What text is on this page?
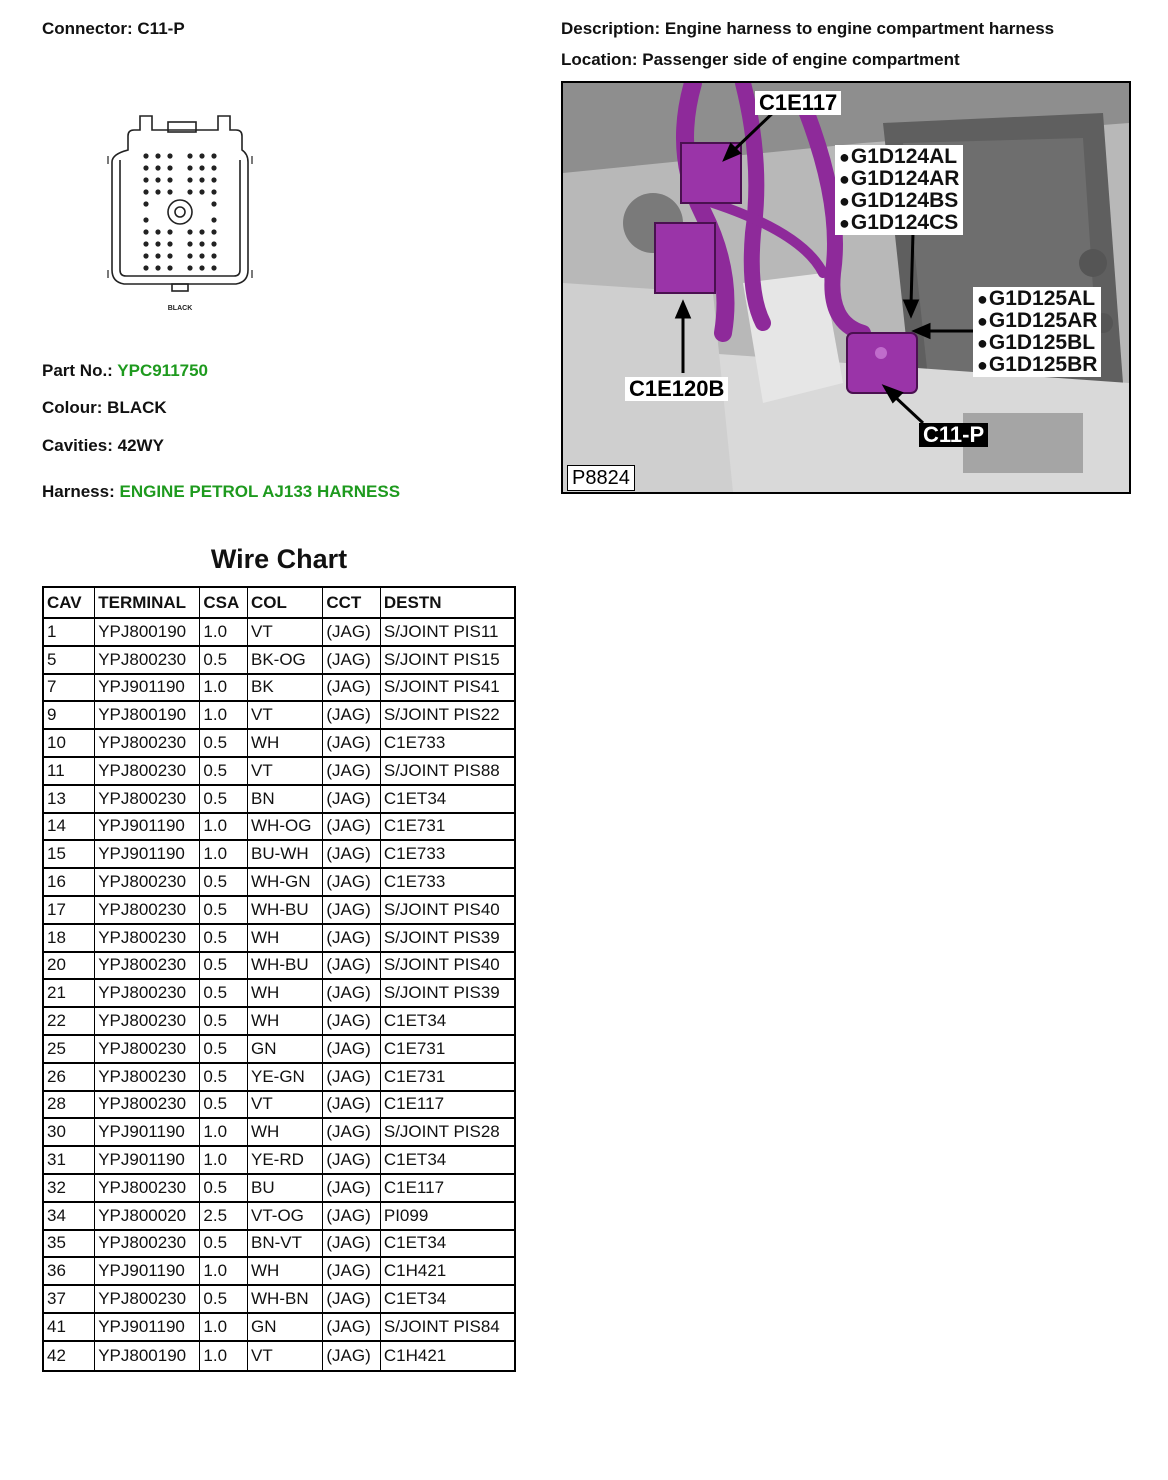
Connector: C11-P	Description: Engine harness to engine compartment harness
Location: Passenger side of engine compartment
BLACK
Part No.: YPC911750
Colour: BLACK
Cavities: 42WY
Harness: ENGINE PETROL AJ133 HARNESS
C1E117
● G1D124AL
● G1D124AR
● G1D124BS
● G1D124CS
● G1D125AL
● G1D125AR
● G1D125BL
● G1D125BR
C1E120B
C11-P
P8824
Wire Chart
CAV	TERMINAL	CSA	COL	CCT	DESTN
1	YPJ800190	1.0	VT	(JAG)	S/JOINT PIS11
5	YPJ800230	0.5	BK-OG	(JAG)	S/JOINT PIS15
7	YPJ901190	1.0	BK	(JAG)	S/JOINT PIS41
9	YPJ800190	1.0	VT	(JAG)	S/JOINT PIS22
10	YPJ800230	0.5	WH	(JAG)	C1E733
11	YPJ800230	0.5	VT	(JAG)	S/JOINT PIS88
13	YPJ800230	0.5	BN	(JAG)	C1ET34
14	YPJ901190	1.0	WH-OG	(JAG)	C1E731
15	YPJ901190	1.0	BU-WH	(JAG)	C1E733
16	YPJ800230	0.5	WH-GN	(JAG)	C1E733
17	YPJ800230	0.5	WH-BU	(JAG)	S/JOINT PIS40
18	YPJ800230	0.5	WH	(JAG)	S/JOINT PIS39
20	YPJ800230	0.5	WH-BU	(JAG)	S/JOINT PIS40
21	YPJ800230	0.5	WH	(JAG)	S/JOINT PIS39
22	YPJ800230	0.5	WH	(JAG)	C1ET34
25	YPJ800230	0.5	GN	(JAG)	C1E731
26	YPJ800230	0.5	YE-GN	(JAG)	C1E731
28	YPJ800230	0.5	VT	(JAG)	C1E117
30	YPJ901190	1.0	WH	(JAG)	S/JOINT PIS28
31	YPJ901190	1.0	YE-RD	(JAG)	C1ET34
32	YPJ800230	0.5	BU	(JAG)	C1E117
34	YPJ800020	2.5	VT-OG	(JAG)	PI099
35	YPJ800230	0.5	BN-VT	(JAG)	C1ET34
36	YPJ901190	1.0	WH	(JAG)	C1H421
37	YPJ800230	0.5	WH-BN	(JAG)	C1ET34
41	YPJ901190	1.0	GN	(JAG)	S/JOINT PIS84
42	YPJ800190	1.0	VT	(JAG)	C1H421
